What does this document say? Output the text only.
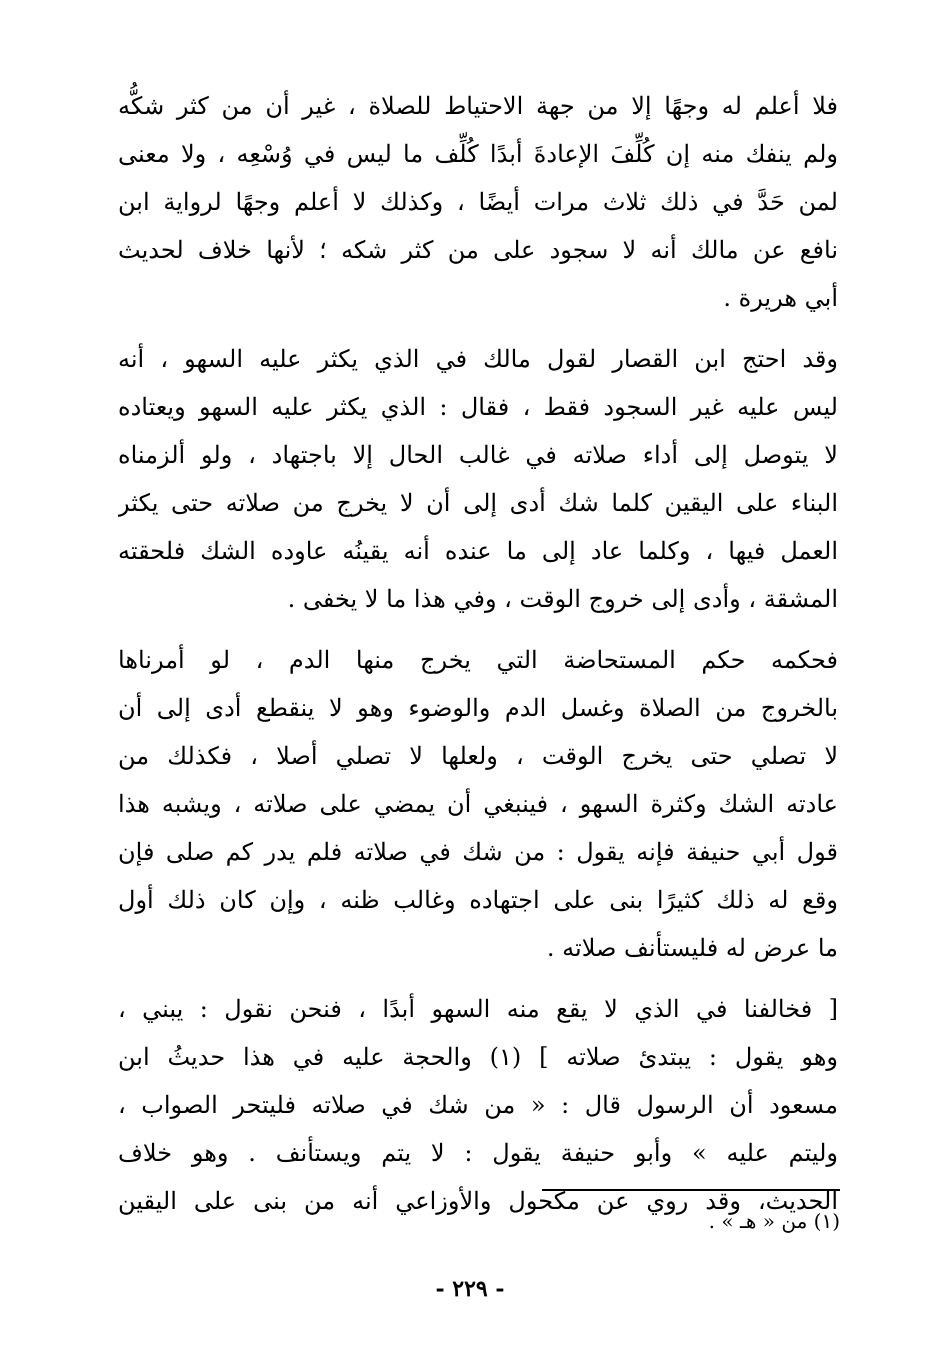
فلا أعلم له وجهًا إلا من جهة الاحتياط للصلاة ، غير أن من كثر شكُّه
ولم ينفك منه إن كُلِّفَ الإعادةَ أبدًا كُلِّف ما ليس في وُسْعِه ، ولا معنى
لمن حَدَّ في ذلك ثلاث مرات أيضًا ، وكذلك لا أعلم وجهًا لرواية ابن
نافع عن مالك أنه لا سجود على من كثر شكه ؛ لأنها خلاف لحديث
أبي هريرة .
وقد احتج ابن القصار لقول مالك في الذي يكثر عليه السهو ، أنه
ليس عليه غير السجود فقط ، فقال : الذي يكثر عليه السهو ويعتاده
لا يتوصل إلى أداء صلاته في غالب الحال إلا باجتهاد ، ولو ألزمناه
البناء على اليقين كلما شك أدى إلى أن لا يخرج من صلاته حتى يكثر
العمل فيها ، وكلما عاد إلى ما عنده أنه يقينُه عاوده الشك فلحقته
المشقة ، وأدى إلى خروج الوقت ، وفي هذا ما لا يخفى .
فحكمه حكم المستحاضة التي يخرج منها الدم ، لو أمرناها
بالخروج من الصلاة وغسل الدم والوضوء وهو لا ينقطع أدى إلى أن
لا تصلي حتى يخرج الوقت ، ولعلها لا تصلي أصلا ، فكذلك من
عادته الشك وكثرة السهو ، فينبغي أن يمضي على صلاته ، ويشبه هذا
قول أبي حنيفة فإنه يقول : من شك في صلاته فلم يدر كم صلى فإن
وقع له ذلك كثيرًا بنى على اجتهاده وغالب ظنه ، وإن كان ذلك أول
ما عرض له فليستأنف صلاته .
[ فخالفنا في الذي لا يقع منه السهو أبدًا ، فنحن نقول : يبني ،
وهو يقول : يبتدئ صلاته ] (١) والحجة عليه في هذا حديثُ ابن
مسعود أن الرسول قال : « من شك في صلاته فليتحر الصواب ،
وليتم عليه » وأبو حنيفة يقول : لا يتم ويستأنف . وهو خلاف
الحديث، وقد روي عن مكحول والأوزاعي أنه من بنى على اليقين
(١) من « هـ » .
- ٢٢٩ -
